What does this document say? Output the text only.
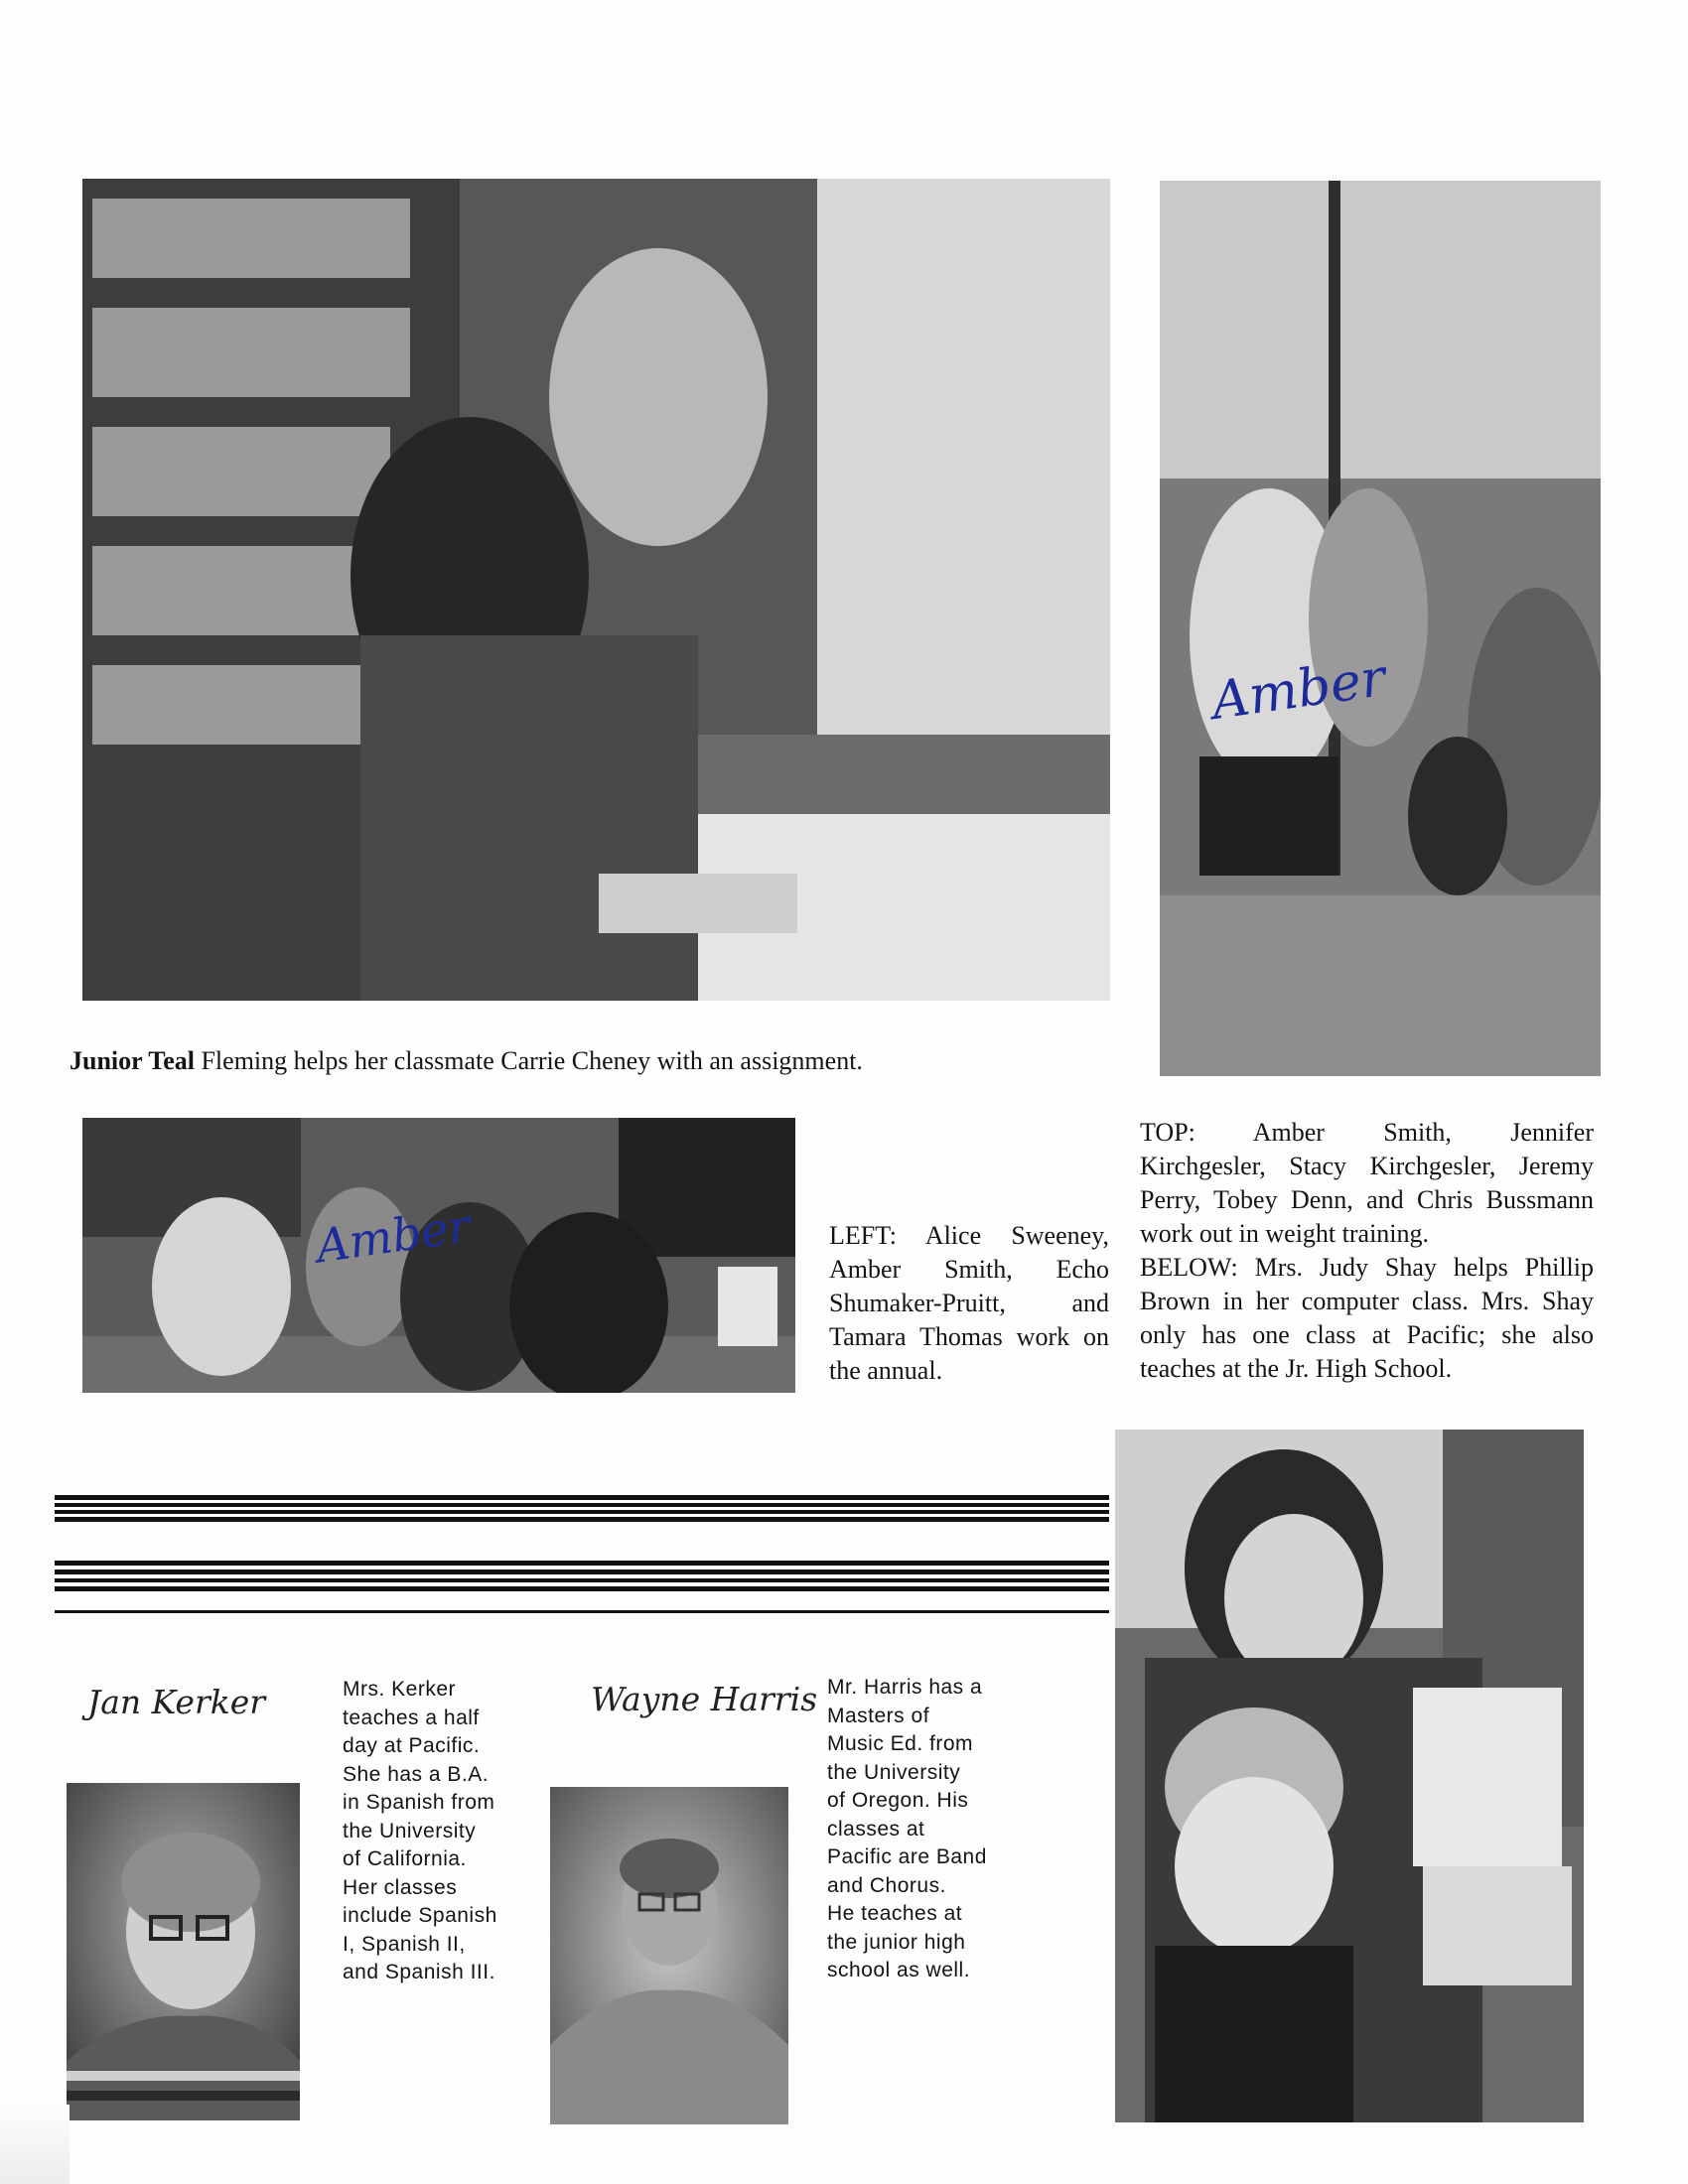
Amber
Junior Teal Fleming helps her classmate Carrie Cheney with an assignment.
Amber	LEFT: Alice Sweeney,
Amber Smith, Echo
Shumaker-Pruitt, and
Tamara Thomas work on
the annual.
TOP: Amber Smith, Jennifer
Kirchgesler, Stacy Kirchgesler, Jeremy
Perry, Tobey Denn, and Chris Bussmann
work out in weight training.
BELOW: Mrs. Judy Shay helps Phillip
Brown in her computer class. Mrs. Shay
only has one class at Pacific; she also
teaches at the Jr. High School.
Jan Kerker	Mrs. Kerker
teaches a half
day at Pacific.
She has a B.A.
in Spanish from
the University
of California.
Her classes
include Spanish
I, Spanish II,
and Spanish III.
Wayne Harris Mr. Harris has a
Masters of
Music Ed. from
the University
of Oregon. His
classes at
Pacific are Band
and Chorus.
He teaches at
the junior high
school as well.
